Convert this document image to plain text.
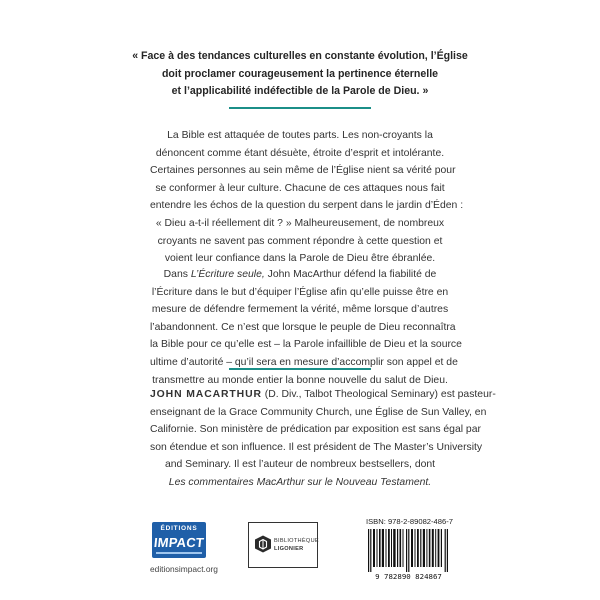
« Face à des tendances culturelles en constante évolution, l’Église
doit proclamer courageusement la pertinence éternelle
et l’applicabilité indéfectible de la Parole de Dieu. »
La Bible est attaquée de toutes parts. Les non-croyants la
dénoncent comme étant désuète, étroite d’esprit et intolérante.
Certaines personnes au sein même de l’Église nient sa vérité pour
se conformer à leur culture. Chacune de ces attaques nous fait
entendre les échos de la question du serpent dans le jardin d’Éden :
« Dieu a-t-il réellement dit ? » Malheureusement, de nombreux
croyants ne savent pas comment répondre à cette question et
voient leur confiance dans la Parole de Dieu être ébranlée.
Dans L’Écriture seule, John MacArthur défend la fiabilité de
l’Écriture dans le but d’équiper l’Église afin qu’elle puisse être en
mesure de défendre fermement la vérité, même lorsque d’autres
l’abandonnent. Ce n’est que lorsque le peuple de Dieu reconnaîtra
la Bible pour ce qu’elle est – la Parole infaillible de Dieu et la source
ultime d’autorité – qu’il sera en mesure d’accomplir son appel et de
transmettre au monde entier la bonne nouvelle du salut de Dieu.
JOHN MACARTHUR (D. Div., Talbot Theological Seminary) est pasteur-
enseignant de la Grace Community Church, une Église de Sun Valley, en
Californie. Son ministère de prédication par exposition est sans égal par
son étendue et son influence. Il est président de The Master’s University
and Seminary. Il est l’auteur de nombreux bestsellers, dont
Les commentaires MacArthur sur le Nouveau Testament.
ÉDITIONS
IMPACT
editionsimpact.org
BIBLIOTHÈQUE
LIGONIER
ISBN: 978-2-89082-486-7
9 782890 824867
